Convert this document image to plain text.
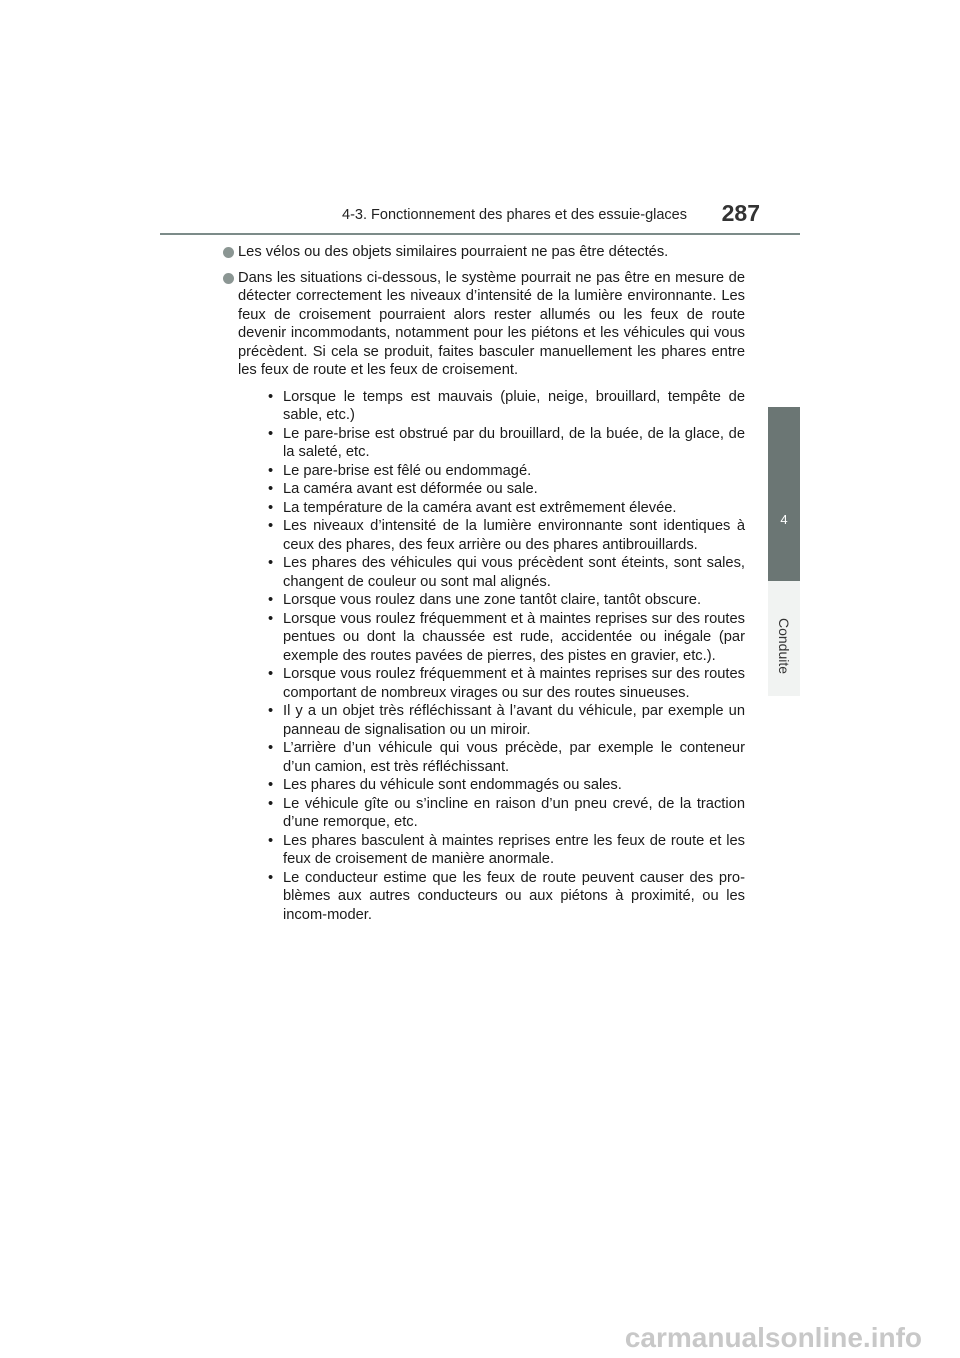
4-3. Fonctionnement des phares et des essuie-glaces	287
4
Conduite
Les vélos ou des objets similaires pourraient ne pas être détectés.
Dans les situations ci-dessous, le système pourrait ne pas être en mesure de détecter correctement les niveaux d’intensité de la lumière environnante. Les feux de croisement pourraient alors rester allumés ou les feux de route devenir incommodants, notamment pour les piétons et les véhicules qui vous précèdent. Si cela se produit, faites basculer manuellement les phares entre les feux de route et les feux de croisement.
• Lorsque le temps est mauvais (pluie, neige, brouillard, tempête de sable, etc.)
• Le pare-brise est obstrué par du brouillard, de la buée, de la glace, de la saleté, etc.
• Le pare-brise est fêlé ou endommagé.
• La caméra avant est déformée ou sale.
• La température de la caméra avant est extrêmement élevée.
• Les niveaux d’intensité de la lumière environnante sont identiques à ceux des phares, des feux arrière ou des phares antibrouillards.
• Les phares des véhicules qui vous précèdent sont éteints, sont sales, changent de couleur ou sont mal alignés.
• Lorsque vous roulez dans une zone tantôt claire, tantôt obscure.
• Lorsque vous roulez fréquemment et à maintes reprises sur des routes pentues ou dont la chaussée est rude, accidentée ou inégale (par exemple des routes pavées de pierres, des pistes en gravier, etc.).
• Lorsque vous roulez fréquemment et à maintes reprises sur des routes comportant de nombreux virages ou sur des routes sinueuses.
• Il y a un objet très réfléchissant à l’avant du véhicule, par exemple un panneau de signalisation ou un miroir.
• L’arrière d’un véhicule qui vous précède, par exemple le conteneur d’un camion, est très réfléchissant.
• Les phares du véhicule sont endommagés ou sales.
• Le véhicule gîte ou s’incline en raison d’un pneu crevé, de la traction d’une remorque, etc.
• Les phares basculent à maintes reprises entre les feux de route et les feux de croisement de manière anormale.
• Le conducteur estime que les feux de route peuvent causer des pro-blèmes aux autres conducteurs ou aux piétons à proximité, ou les incom-moder.
carmanualsonline.info
